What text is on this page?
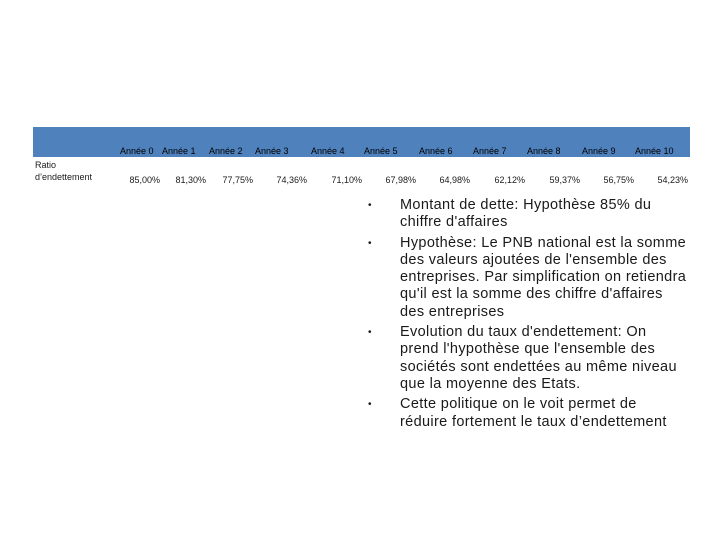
Année 0 Année 1 Année 2 Année 3 Année 4 Année 5 Année 6 Année 7 Année 8 Année 9 Année 10
Ratio d’endettement	85,00% 81,30% 77,75%	74,36%	71,10%	67,98%	64,98%	62,12%	59,37%	56,75%	54,23%
• Montant de dette: Hypothèse 85% du chiffre d'affaires
• Hypothèse: Le PNB national est la somme des valeurs ajoutées de l'ensemble des entreprises. Par simplification on retiendra qu'il est la somme des chiffre d'affaires des entreprises
• Evolution du taux d'endettement: On prend l'hypothèse que l'ensemble des sociétés sont endettées au même niveau que la moyenne des Etats.
• Cette politique on le voit permet de réduire fortement le taux d’endettement
